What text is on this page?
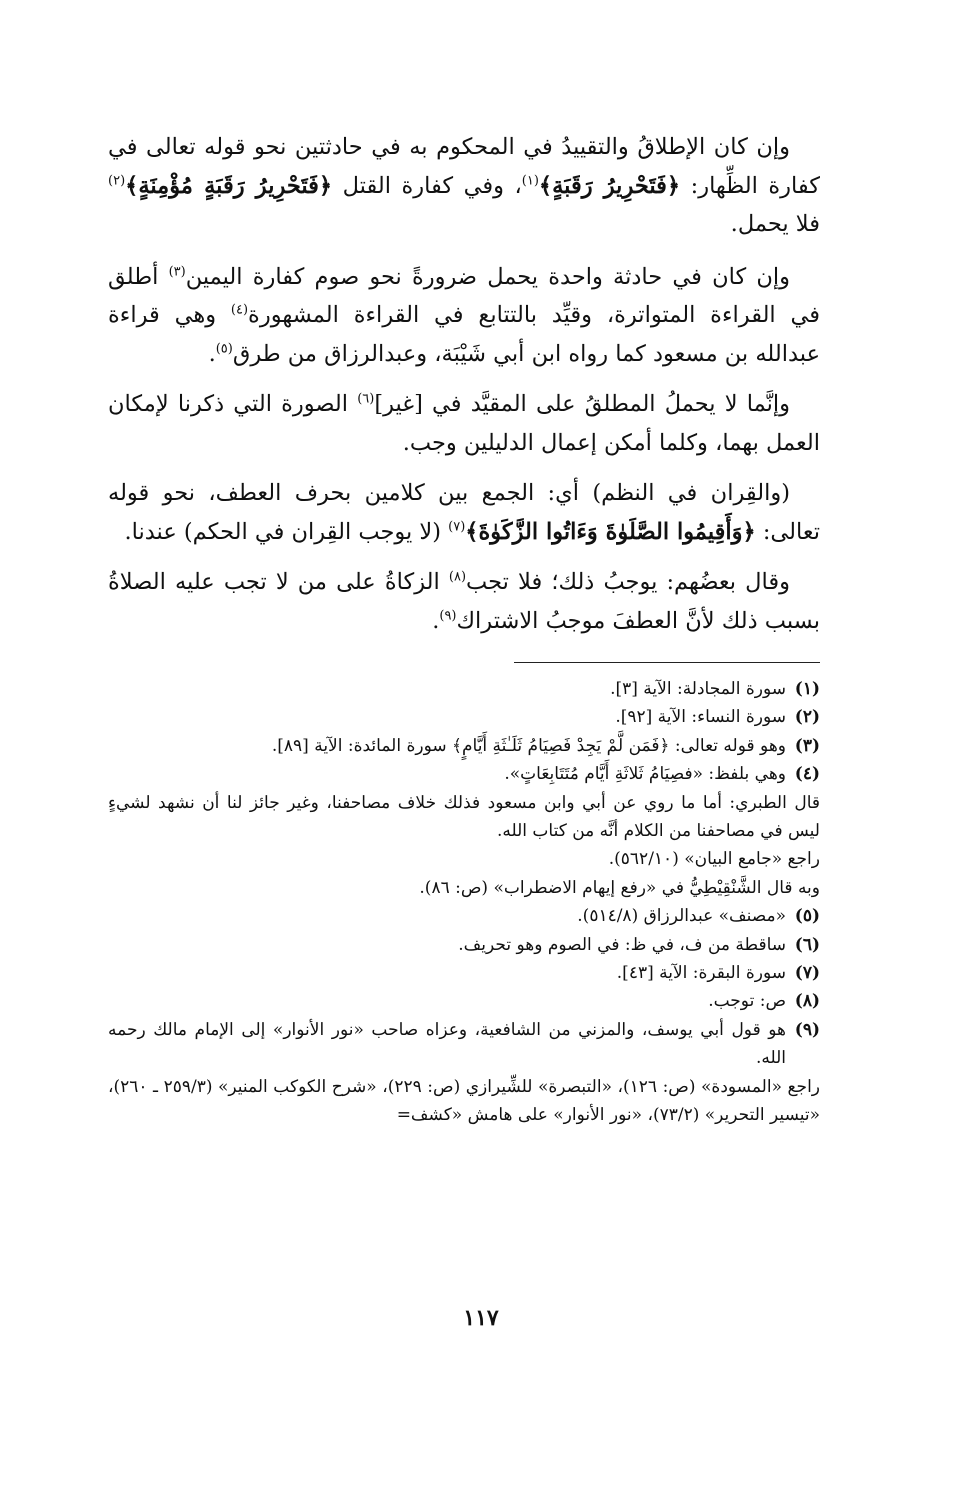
وإن كان الإطلاقُ والتقييدُ في المحكوم به في حادثتين نحو قوله تعالى في كفارة الظِّهار: ﴿فَتَحْرِيرُ رَقَبَةٍ﴾$^{(١)}$، وفي كفارة القتل ﴿فَتَحْرِيرُ رَقَبَةٍ مُؤْمِنَةٍ﴾$^{(٢)}$ فلا يحمل.

وإن كان في حادثة واحدة يحمل ضرورةً نحو صوم كفارة اليمين$^{(٣)}$ أطلق في القراءة المتواترة، وقيِّد بالتتابع في القراءة المشهورة$^{(٤)}$ وهي قراءة عبدالله بن مسعود كما رواه ابن أبي شَيْبَة، وعبدالرزاق من طرق$^{(٥)}$.

وإنَّما لا يحملُ المطلقُ على المقيَّد في [غير]$^{(٦)}$ الصورة التي ذكرنا لإمكان العمل بهما، وكلما أمكن إعمال الدليلين وجب.

(والقِران في النظم) أي: الجمع بين كلامين بحرف العطف، نحو قوله تعالى: ﴿وَأَقِيمُوا الصَّلَوٰةَ وَءَاتُوا الزَّكَوٰةَ﴾$^{(٧)}$ (لا يوجب القِران في الحكم) عندنا.

وقال بعضُهم: يوجبُ ذلك؛ فلا تجب$^{(٨)}$ الزكاةُ على من لا تجب عليه الصلاةُ بسبب ذلك لأنَّ العطفَ موجبُ الاشتراك$^{(٩)}$.

(١)
سورة المجادلة: الآية [٣].
(٢)
سورة النساء: الآية [٩٢].
(٣)
وهو قوله تعالى: ﴿فَمَن لَّمْ يَجِدْ فَصِيَامُ ثَلَـٰثَةِ أَيَّامٍ﴾ سورة المائدة: الآية [٨٩].
(٤)
وهي بلفظ: «فصِيَامُ ثَلاثَةِ أَيَّام مُتَتَابِعَاتٍ».
قال الطبري: أما ما روي عن أبي وابن مسعود فذلك خلاف مصاحفنا، وغير جائز لنا أن نشهد لشيءٍ ليس في مصاحفنا من الكلام أنَّه من كتاب الله.
راجع «جامع البيان» (٥٦٢/١٠).
وبه قال الشَّنْقِيْطِيُّ في «رفع إيهام الاضطراب» (ص: ٨٦).
(٥)
«مصنف» عبدالرزاق (٥١٤/٨).
(٦)
ساقطة من ف، في ظ: في الصوم وهو تحريف.
(٧)
سورة البقرة: الآية [٤٣].
(٨)
ص: توجب.
(٩)
هو قول أبي يوسف، والمزني من الشافعية، وعزاه صاحب «نور الأنوار» إلى الإمام مالك رحمه الله.
راجع «المسودة» (ص: ١٢٦)، «التبصرة» للشِّيرازي (ص: ٢٢٩)، «شرح الكوكب المنير» (٢٥٩/٣ ـ ٢٦٠)، «تيسير التحرير» (٧٣/٢)، «نور الأنوار» على هامش «كشف=
١١٧
